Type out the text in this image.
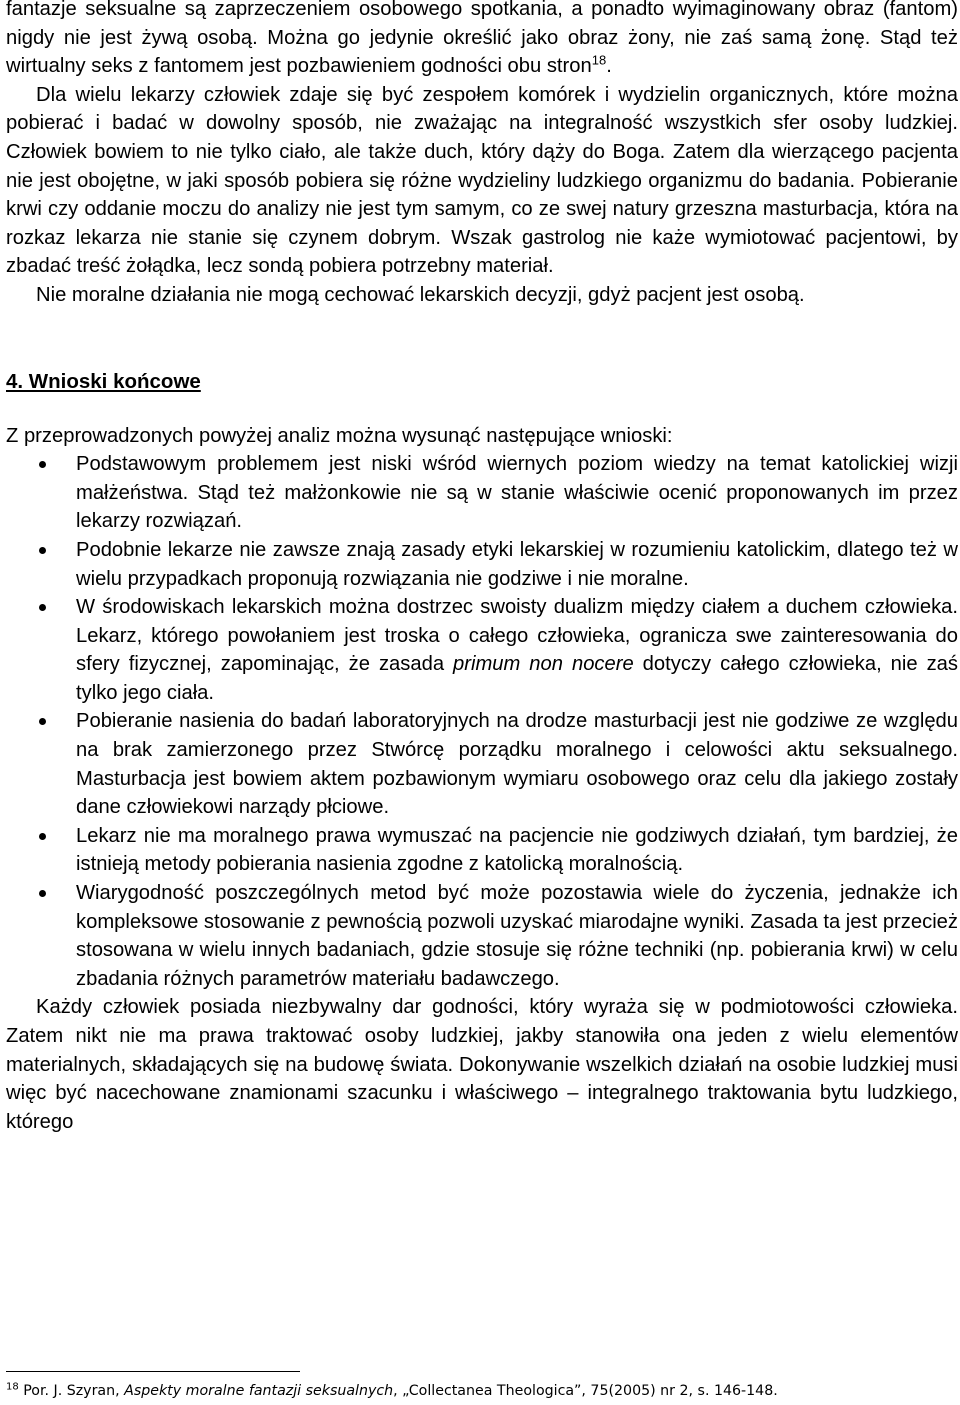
fantazje seksualne są zaprzeczeniem osobowego spotkania, a ponadto wyimaginowany obraz (fantom) nigdy nie jest żywą osobą. Można go jedynie określić jako obraz żony, nie zaś samą żonę. Stąd też wirtualny seks z fantomem jest pozbawieniem godności obu stron$^{18}$.

Dla wielu lekarzy człowiek zdaje się być zespołem komórek i wydzielin organicznych, które można pobierać i badać w dowolny sposób, nie zważając na integralność wszystkich sfer osoby ludzkiej. Człowiek bowiem to nie tylko ciało, ale także duch, który dąży do Boga. Zatem dla wierzącego pacjenta nie jest obojętne, w jaki sposób pobiera się różne wydzieliny ludzkiego organizmu do badania. Pobieranie krwi czy oddanie moczu do analizy nie jest tym samym, co ze swej natury grzeszna masturbacja, która na rozkaz lekarza nie stanie się czynem dobrym. Wszak gastrolog nie każe wymiotować pacjentowi, by zbadać treść żołądka, lecz sondą pobiera potrzebny materiał.

Nie moralne działania nie mogą cechować lekarskich decyzji, gdyż pacjent jest osobą.

4. Wnioski końcowe

Z przeprowadzonych powyżej analiz można wysunąć następujące wnioski:

Podstawowym problemem jest niski wśród wiernych poziom wiedzy na temat katolickiej wizji małżeństwa. Stąd też małżonkowie nie są w stanie właściwie ocenić proponowanych im przez lekarzy rozwiązań.
Podobnie lekarze nie zawsze znają zasady etyki lekarskiej w rozumieniu katolickim, dlatego też w wielu przypadkach proponują rozwiązania nie godziwe i nie moralne.
W środowiskach lekarskich można dostrzec swoisty dualizm między ciałem a duchem człowieka. Lekarz, którego powołaniem jest troska o całego człowieka, ogranicza swe zainteresowania do sfery fizycznej, zapominając, że zasada primum non nocere dotyczy całego człowieka, nie zaś tylko jego ciała.
Pobieranie nasienia do badań laboratoryjnych na drodze masturbacji jest nie godziwe ze względu na brak zamierzonego przez Stwórcę porządku moralnego i celowości aktu seksualnego. Masturbacja jest bowiem aktem pozbawionym wymiaru osobowego oraz celu dla jakiego zostały dane człowiekowi narządy płciowe.
Lekarz nie ma moralnego prawa wymuszać na pacjencie nie godziwych działań, tym bardziej, że istnieją metody pobierania nasienia zgodne z katolicką moralnością.
Wiarygodność poszczególnych metod być może pozostawia wiele do życzenia, jednakże ich kompleksowe stosowanie z pewnością pozwoli uzyskać miarodajne wyniki. Zasada ta jest przecież stosowana w wielu innych badaniach, gdzie stosuje się różne techniki (np. pobierania krwi) w celu zbadania różnych parametrów materiału badawczego.

Każdy człowiek posiada niezbywalny dar godności, który wyraża się w podmiotowości człowieka. Zatem nikt nie ma prawa traktować osoby ludzkiej, jakby stanowiła ona jeden z wielu elementów materialnych, składających się na budowę świata. Dokonywanie wszelkich działań na osobie ludzkiej musi więc być nacechowane znamionami szacunku i właściwego – integralnego traktowania bytu ludzkiego, którego

$^{18}$ Por. J. Szyran, Aspekty moralne fantazji seksualnych, „Collectanea Theologica”, 75(2005) nr 2, s. 146-148.
